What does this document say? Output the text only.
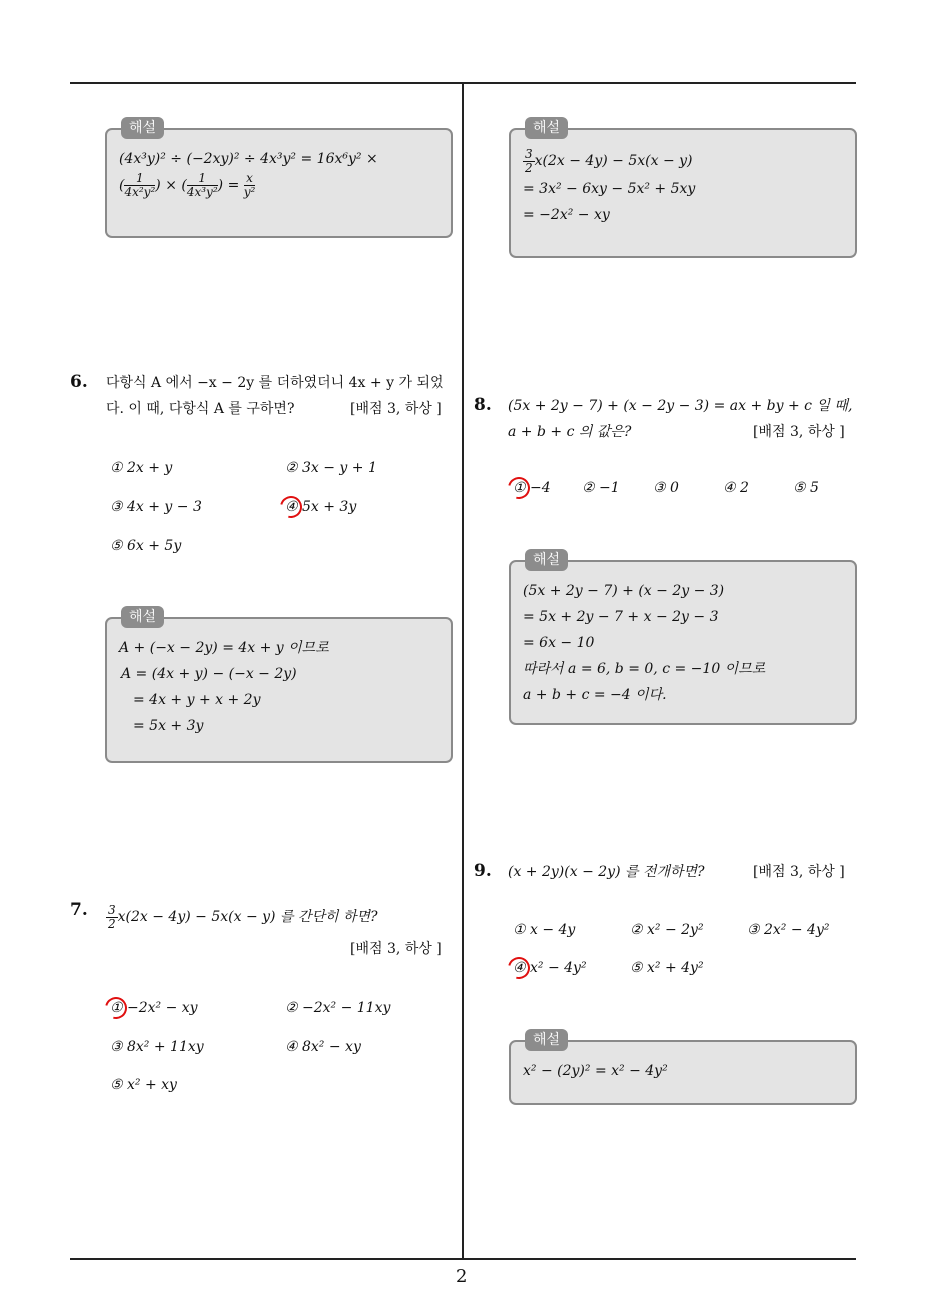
해설
(4x³y)² ÷ (−2xy)² ÷ 4x³y² = 16x⁶y² ×
( $\frac{1}{\text{4x²y²}}$ ) × ( $\frac{1}{\text{4x³y²}}$ ) = $\frac{x}{\text{y²}}$
6. 다항식 A 에서 −x − 2y 를 더하였더니 4x + y 가 되었
다. 이 때, 다항식 A 를 구하면?	[배점 3, 하상 ]
① 2x + y	② 3x − y + 1
③ 4x + y − 3	④ 5x + 3y
⑤ 6x + 5y
해설
A + (−x − 2y) = 4x + y 이므로
A = (4x + y) − (−x − 2y)
= 4x + y + x + 2y
= 5x + 3y
7. $\frac{3}{2} x(2x - 4y) - 5x(x - y)$ 를 간단히 하면?
[배점 3, 하상 ]
① −2x² − xy	② −2x² − 11xy
③ 8x² + 11xy	④ 8x² − xy
⑤ x² + xy
해설
$\frac{3}{2} x(2x - 4y) - 5x(x - y)$
= 3x² − 6xy − 5x² + 5xy
= −2x² − xy
8. (5x + 2y − 7) + (x − 2y − 3) = ax + by + c 일 때,
a + b + c 의 값은?	[배점 3, 하상 ]
① −4 ② −1 ③ 0	④ 2	⑤ 5
해설
(5x + 2y − 7) + (x − 2y − 3)
= 5x + 2y − 7 + x − 2y − 3
= 6x − 10
따라서 a = 6, b = 0, c = −10 이므로
a + b + c = −4 이다.
9. (x + 2y)(x − 2y) 를 전개하면?	[배점 3, 하상 ]
① x − 4y	② x² − 2y²	③ 2x² − 4y²
④ x² − 4y²	⑤ x² + 4y²
해설
x² − (2y)² = x² − 4y²
2
